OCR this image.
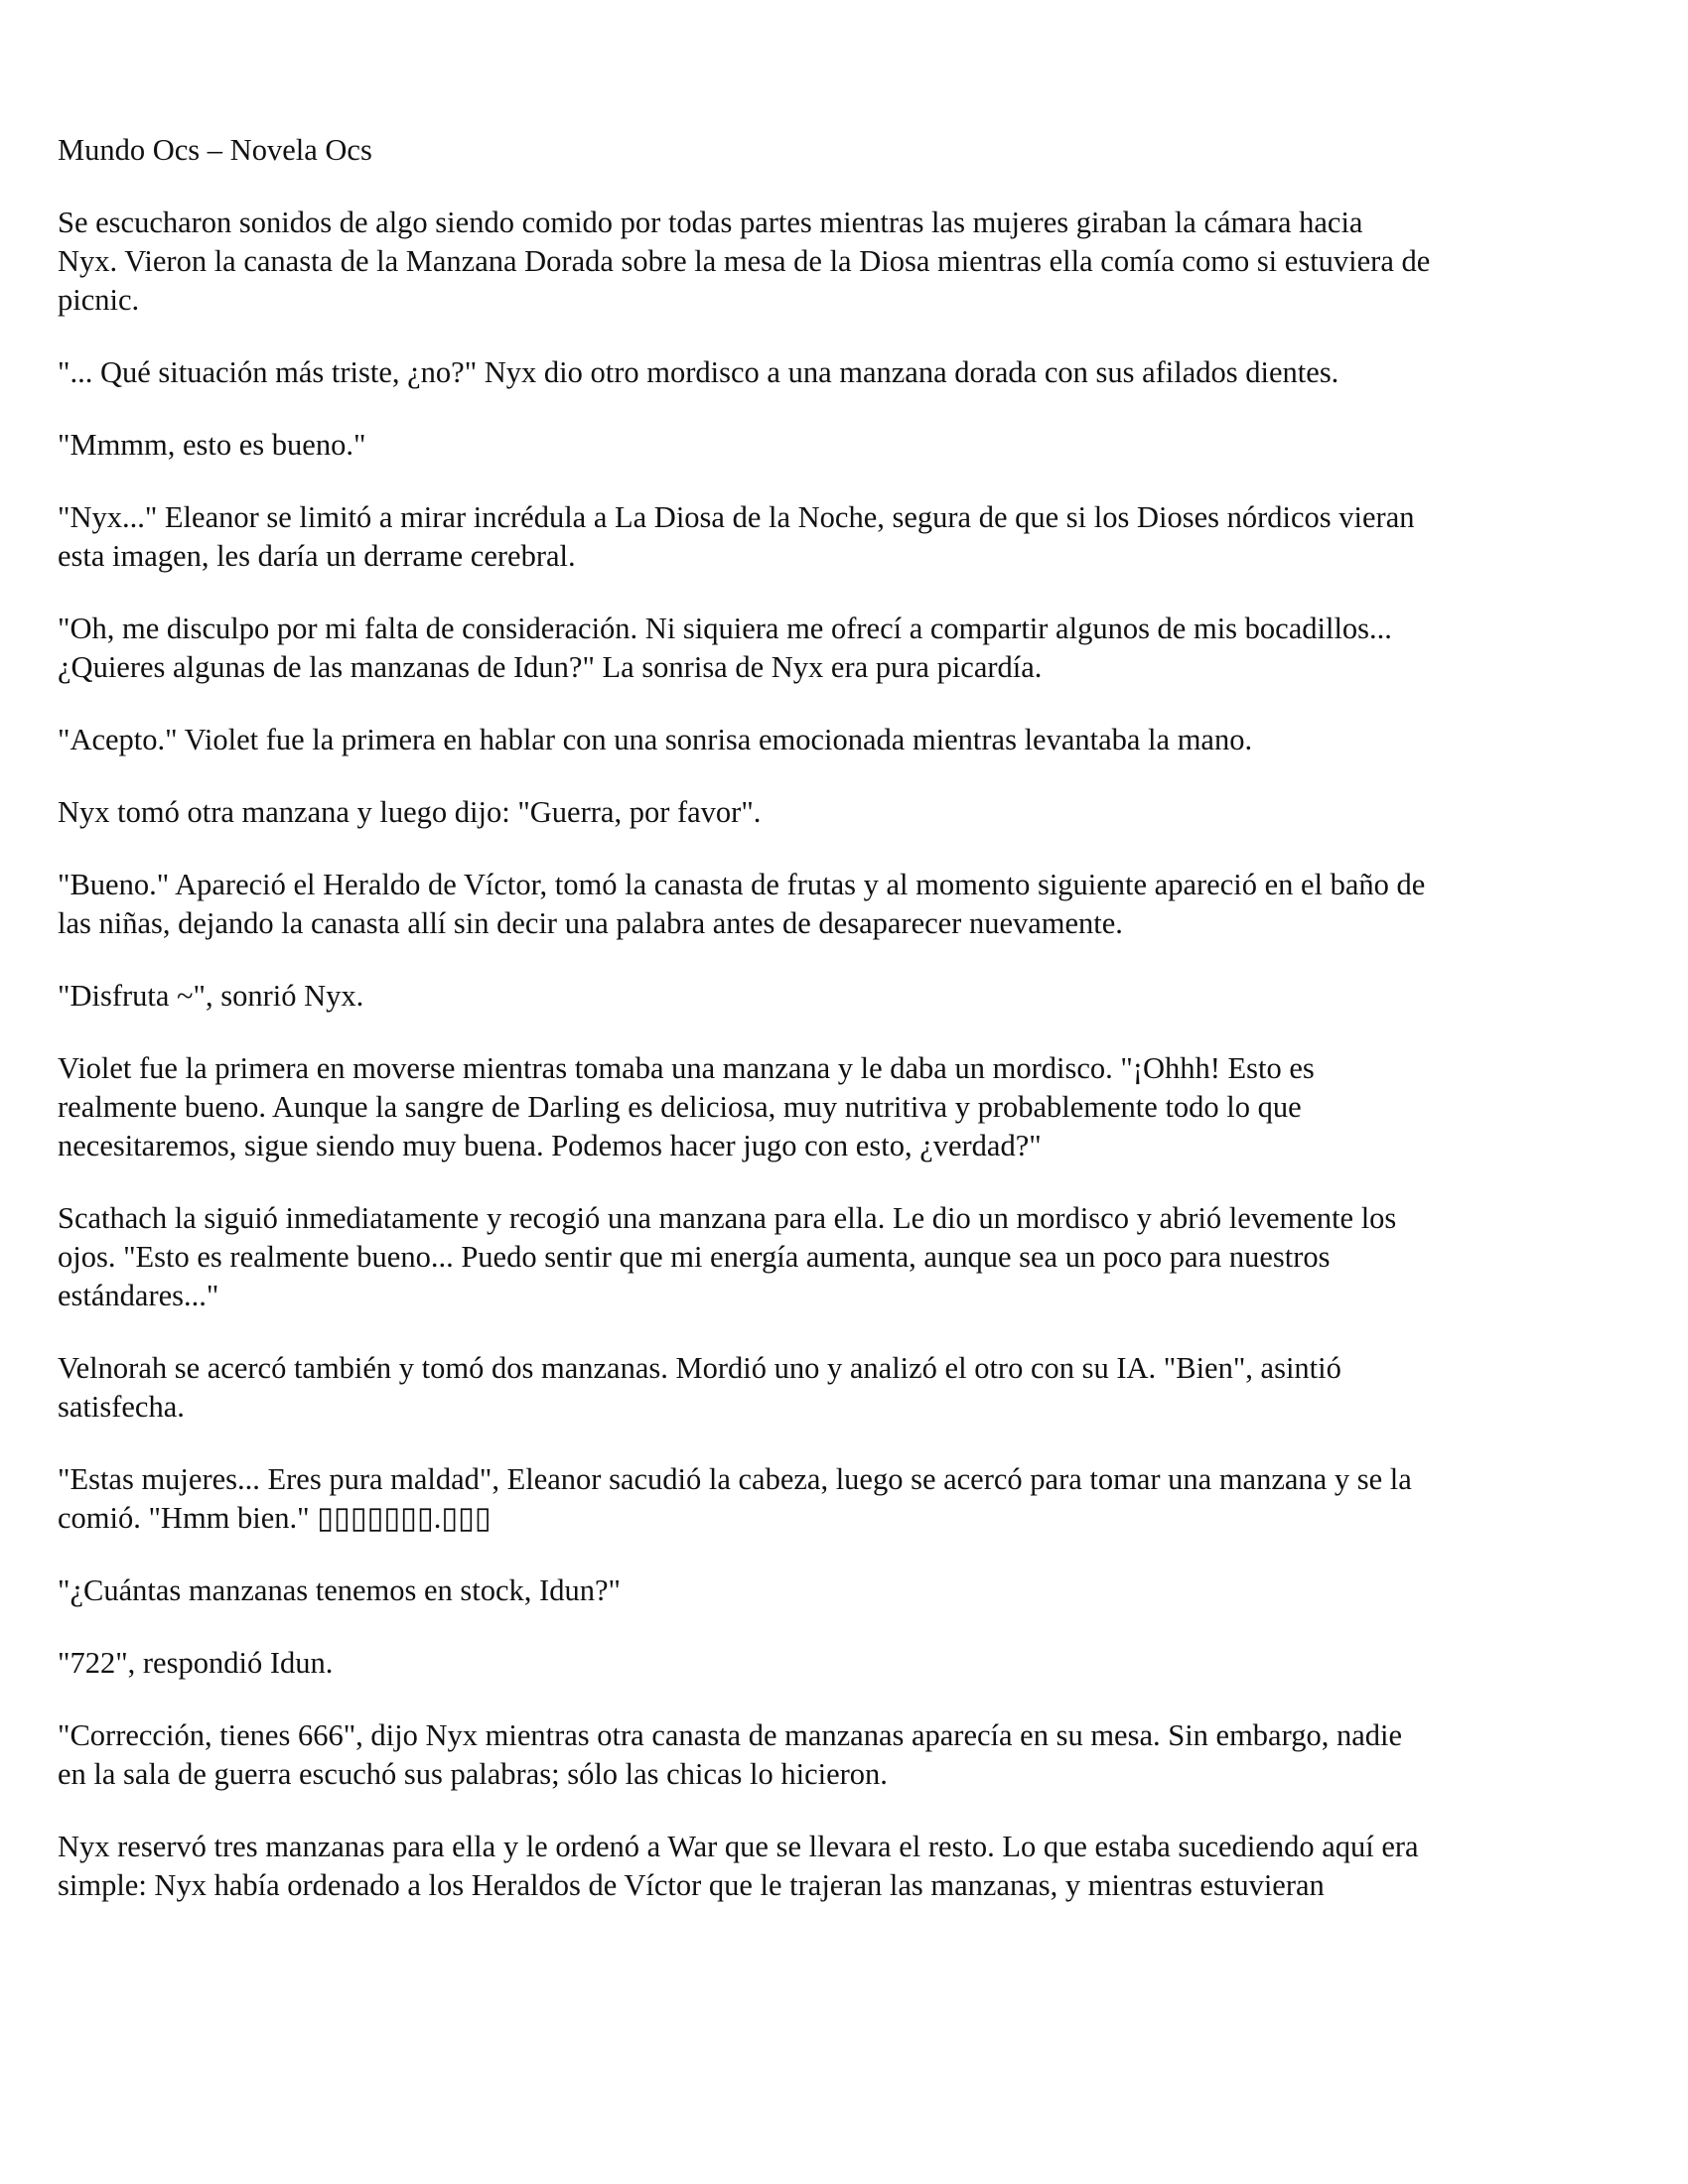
Mundo Ocs – Novela Ocs

Se escucharon sonidos de algo siendo comido por todas partes mientras las mujeres giraban la cámara hacia
Nyx. Vieron la canasta de la Manzana Dorada sobre la mesa de la Diosa mientras ella comía como si estuviera de
picnic.

"... Qué situación más triste, ¿no?" Nyx dio otro mordisco a una manzana dorada con sus afilados dientes.

"Mmmm, esto es bueno."

"Nyx..." Eleanor se limitó a mirar incrédula a La Diosa de la Noche, segura de que si los Dioses nórdicos vieran
esta imagen, les daría un derrame cerebral.

"Oh, me disculpo por mi falta de consideración. Ni siquiera me ofrecí a compartir algunos de mis bocadillos...
¿Quieres algunas de las manzanas de Idun?" La sonrisa de Nyx era pura picardía.

"Acepto." Violet fue la primera en hablar con una sonrisa emocionada mientras levantaba la mano.

Nyx tomó otra manzana y luego dijo: "Guerra, por favor".

"Bueno." Apareció el Heraldo de Víctor, tomó la canasta de frutas y al momento siguiente apareció en el baño de
las niñas, dejando la canasta allí sin decir una palabra antes de desaparecer nuevamente.

"Disfruta ~", sonrió Nyx.

Violet fue la primera en moverse mientras tomaba una manzana y le daba un mordisco. "¡Ohhh! Esto es
realmente bueno. Aunque la sangre de Darling es deliciosa, muy nutritiva y probablemente todo lo que
necesitaremos, sigue siendo muy buena. Podemos hacer jugo con esto, ¿verdad?"

Scathach la siguió inmediatamente y recogió una manzana para ella. Le dio un mordisco y abrió levemente los
ojos. "Esto es realmente bueno... Puedo sentir que mi energía aumenta, aunque sea un poco para nuestros
estándares..."

Velnorah se acercó también y tomó dos manzanas. Mordió uno y analizó el otro con su IA. "Bien", asintió
satisfecha.

"Estas mujeres... Eres pura maldad", Eleanor sacudió la cabeza, luego se acercó para tomar una manzana y se la
comió. "Hmm bien." ▯▯▯▯▯▯▯.▯▯▯

"¿Cuántas manzanas tenemos en stock, Idun?"

"722", respondió Idun.

"Corrección, tienes 666", dijo Nyx mientras otra canasta de manzanas aparecía en su mesa. Sin embargo, nadie
en la sala de guerra escuchó sus palabras; sólo las chicas lo hicieron.

Nyx reservó tres manzanas para ella y le ordenó a War que se llevara el resto. Lo que estaba sucediendo aquí era
simple: Nyx había ordenado a los Heraldos de Víctor que le trajeran las manzanas, y mientras estuvieran
